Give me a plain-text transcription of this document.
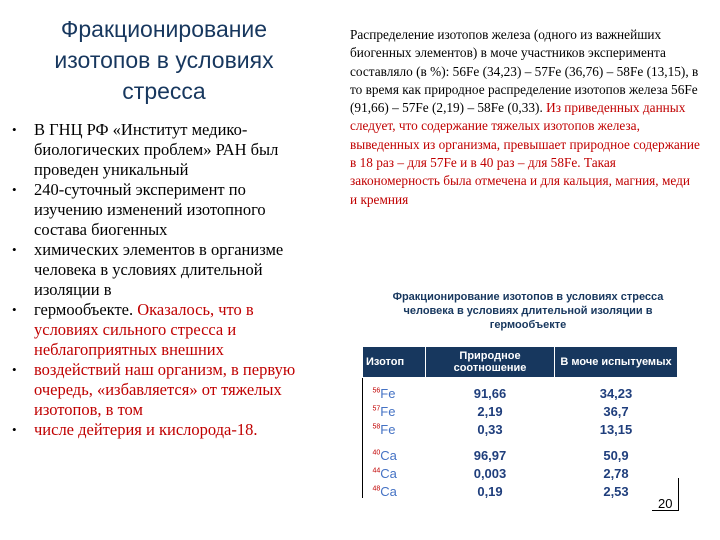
Фракционирование изотопов в условиях стресса
• В ГНЦ РФ «Институт медико-биологических проблем» РАН был проведен уникальный
• 240-суточный эксперимент по изучению изменений изотопного состава биогенных
• химических элементов в организме человека в условиях длительной изоляции в
• гермообъекте. Оказалось, что в условиях сильного стресса и неблагоприятных внешних
• воздействий наш организм, в первую очередь, «избавляется» от тяжелых изотопов, в том
• числе дейтерия и кислорода-18.
Распределение изотопов железа (одного из важнейших биогенных элементов) в моче участников эксперимента составляло (в %): 56Fe (34,23) – 57Fe (36,76) – 58Fe (13,15), в то время как природное распределение изотопов железа 56Fe (91,66) – 57Fe (2,19) – 58Fe (0,33). Из приведенных данных следует, что содержание тяжелых изотопов железа, выведенных из организма, превышает природное содержание в 18 раз – для 57Fe и в 40 раз – для 58Fe. Такая закономерность была отмечена и для кальция, магния, меди и кремния
Фракционирование изотопов в условиях стресса человека в условиях длительной изоляции в гермообъекте
Изотоп	Природное соотношение	В моче испытуемых
$^{56}$Fe	91,66	34,23
$^{57}$Fe	2,19	36,7
$^{58}$Fe	0,33	13,15
$^{40}$Ca	96,97	50,9
$^{44}$Ca	0,003	2,78
$^{48}$Ca	0,19	2,53
20
